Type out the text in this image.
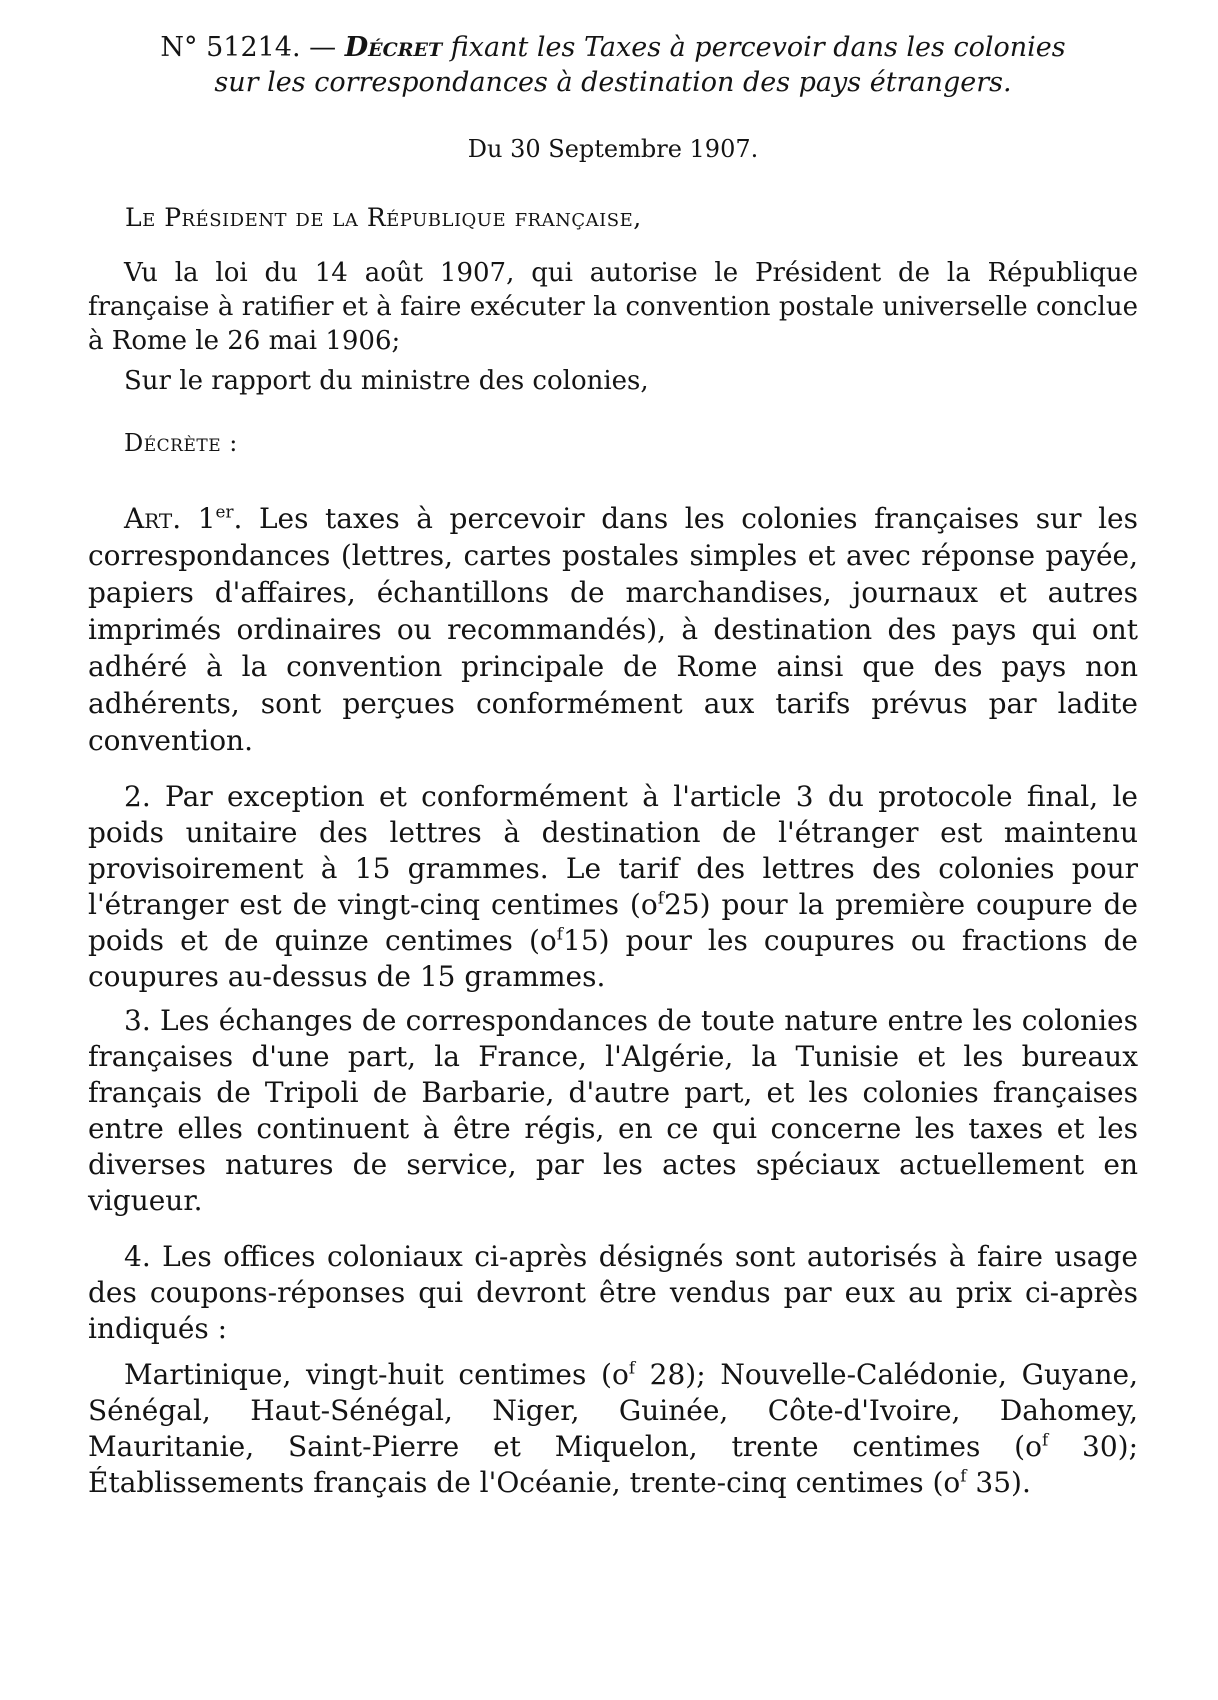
N° 51214. — Décret fixant les Taxes à percevoir dans les colonies
sur les correspondances à destination des pays étrangers.
Du 30 Septembre 1907.
Le Président de la République française,

Vu la loi du 14 août 1907, qui autorise le Président de la République française à ratifier et à faire exécuter la convention postale universelle conclue à Rome le 26 mai 1906;

Sur le rapport du ministre des colonies,

Décrète :

Art. 1er. Les taxes à percevoir dans les colonies françaises sur les correspondances (lettres, cartes postales simples et avec réponse payée, papiers d'affaires, échantillons de marchandises, journaux et autres imprimés ordinaires ou recommandés), à destination des pays qui ont adhéré à la convention principale de Rome ainsi que des pays non adhérents, sont perçues conformément aux tarifs prévus par ladite convention.

2. Par exception et conformément à l'article 3 du protocole final, le poids unitaire des lettres à destination de l'étranger est maintenu provisoirement à 15 grammes. Le tarif des lettres des colonies pour l'étranger est de vingt-cinq centimes $(o^f25)$ pour la première coupure de poids et de quinze centimes $(o^f15)$ pour les coupures ou fractions de coupures au-dessus de 15 grammes.

3. Les échanges de correspondances de toute nature entre les colonies françaises d'une part, la France, l'Algérie, la Tunisie et les bureaux français de Tripoli de Barbarie, d'autre part, et les colonies françaises entre elles continuent à être régis, en ce qui concerne les taxes et les diverses natures de service, par les actes spéciaux actuellement en vigueur.

4. Les offices coloniaux ci-après désignés sont autorisés à faire usage des coupons-réponses qui devront être vendus par eux au prix ci-après indiqués :

Martinique, vingt-huit centimes ($o^f$ 28); Nouvelle-Calédonie, Guyane, Sénégal, Haut-Sénégal, Niger, Guinée, Côte-d'Ivoire, Dahomey, Mauritanie, Saint-Pierre et Miquelon, trente centimes ($o^f$ 30); Établissements français de l'Océanie, trente-cinq centimes ($o^f$ 35).
